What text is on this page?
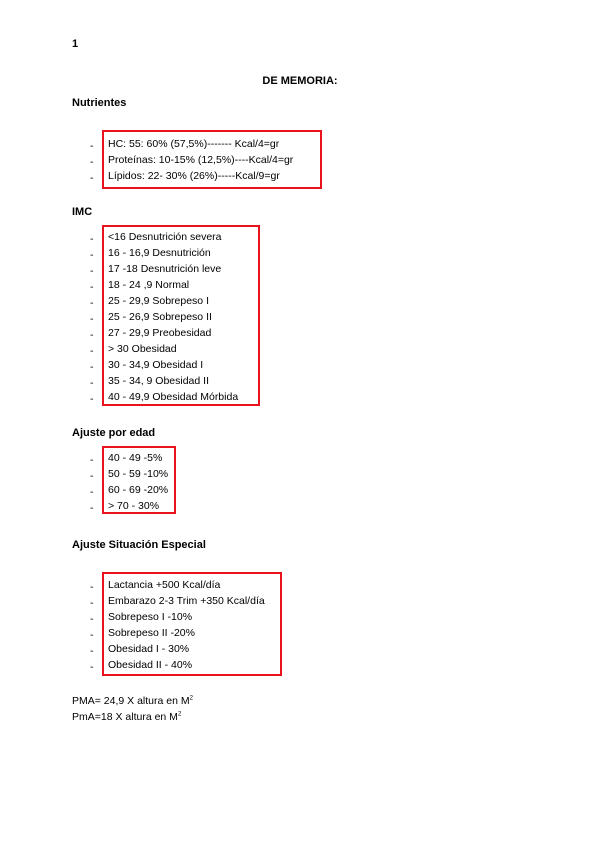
1
DE MEMORIA:
Nutrientes
- HC: 55: 60% (57,5%)------- Kcal/4=gr
- Proteínas: 10-15% (12,5%)----Kcal/4=gr
- Lípidos: 22- 30% (26%)-----Kcal/9=gr
IMC
- <16 Desnutrición severa
- 16 - 16,9 Desnutrición
- 17 -18 Desnutrición leve
- 18 - 24 ,9 Normal
- 25 - 29,9 Sobrepeso I
- 25 - 26,9 Sobrepeso II
- 27 - 29,9 Preobesidad
- > 30 Obesidad
- 30 - 34,9 Obesidad I
- 35 - 34, 9 Obesidad II
- 40 - 49,9 Obesidad Mórbida
Ajuste por edad
- 40 - 49 -5%
- 50 - 59 -10%
- 60 - 69 -20%
- > 70 - 30%
Ajuste Situación Especial
- Lactancia +500 Kcal/día
- Embarazo 2-3 Trim +350 Kcal/día
- Sobrepeso I -10%
- Sobrepeso II -20%
- Obesidad I - 30%
- Obesidad II - 40%
PMA= 24,9 X altura en $M^2$
PmA=18 X altura en $M^2$
